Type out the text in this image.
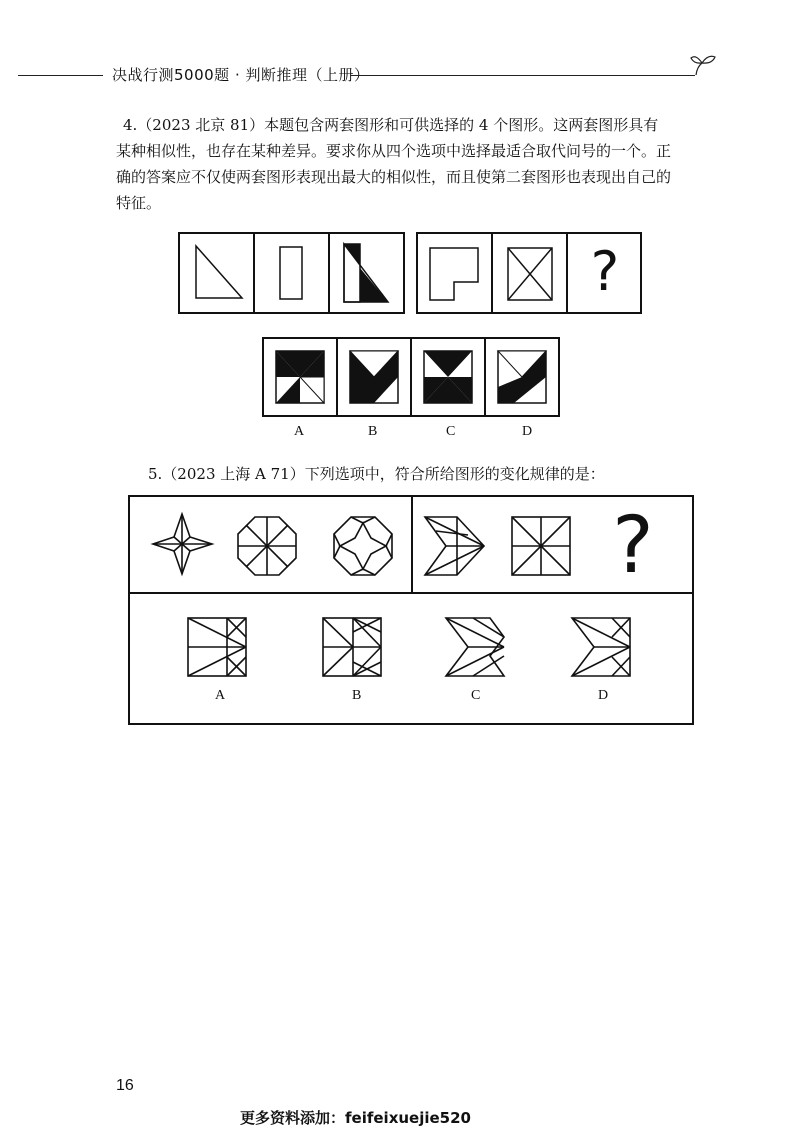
决战行测5000题 · 判断推理（上册）
4.（2023 北京 81）本题包含两套图形和可供选择的 4 个图形。这两套图形具有
某种相似性，也存在某种差异。要求你从四个选项中选择最适合取代问号的一个。正
确的答案应不仅使两套图形表现出最大的相似性，而且使第二套图形也表现出自己的
特征。
?
A	B	C	D
5.（2023 上海 A 71）下列选项中，符合所给图形的变化规律的是：
?
A	B	C	D
16
更多资料添加：feifeixuejie520
